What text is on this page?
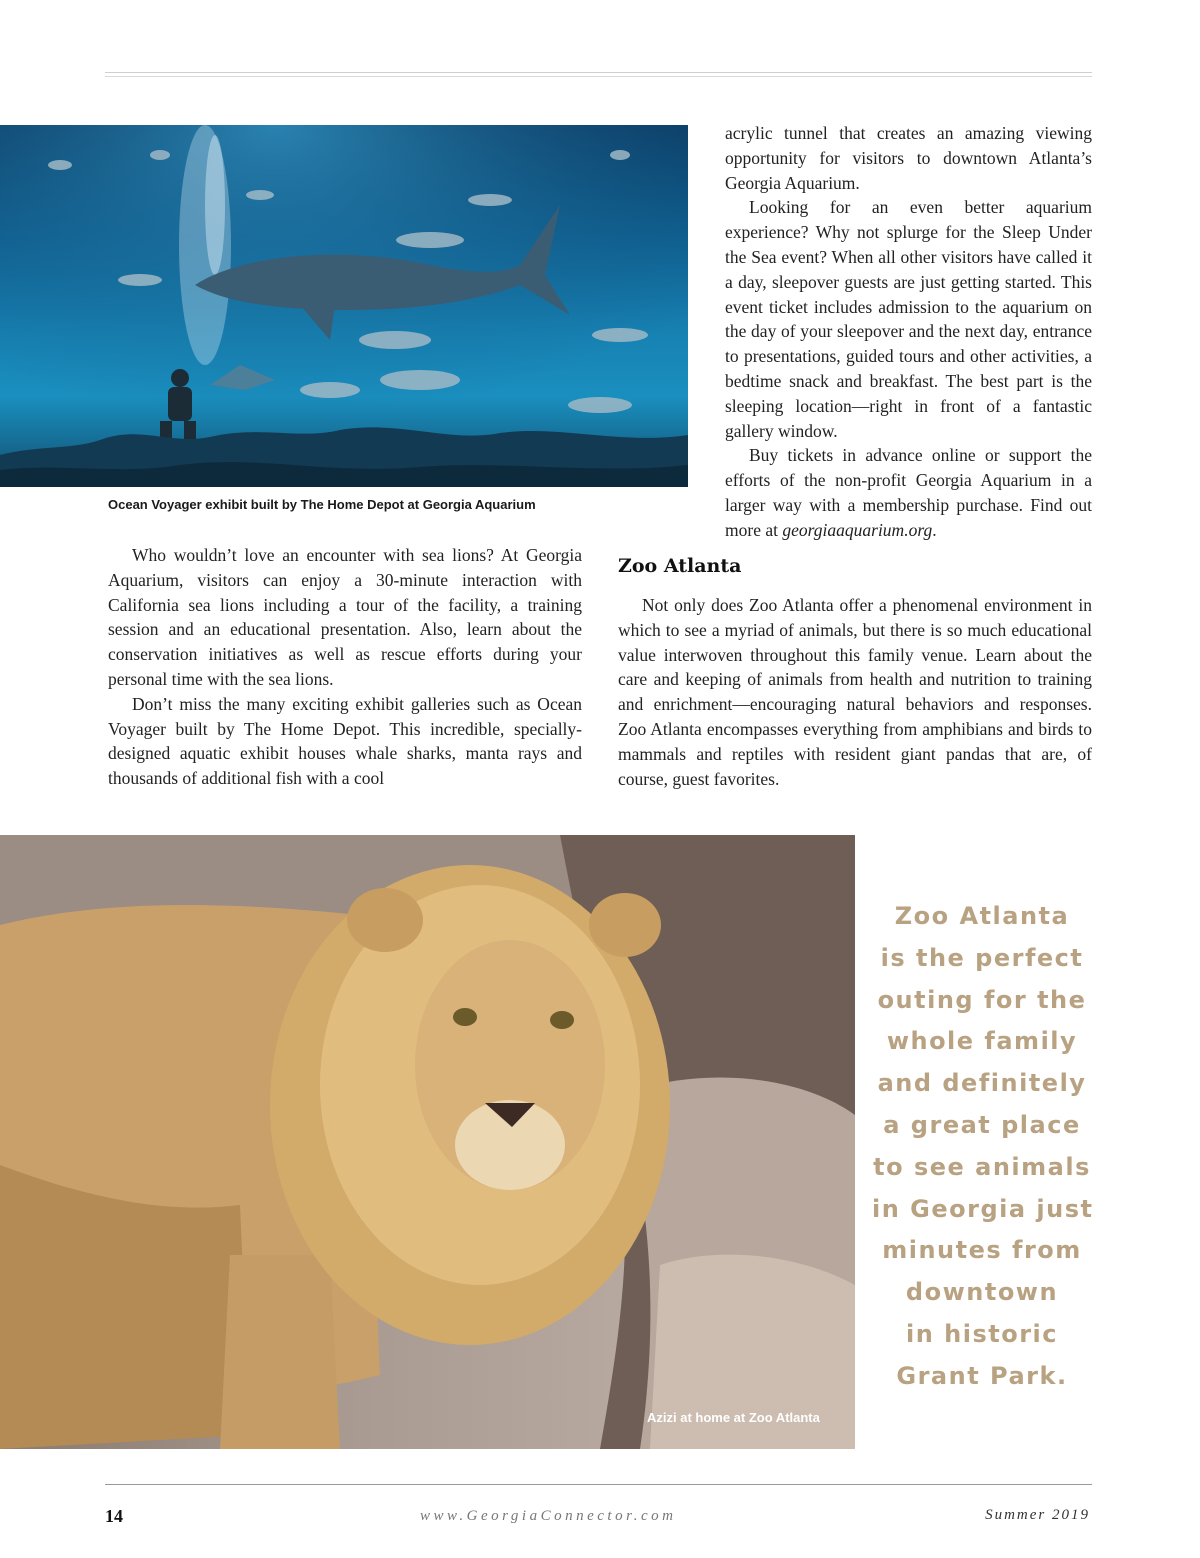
Ocean Voyager exhibit built by The Home Depot at Georgia Aquarium

acrylic tunnel that creates an amazing viewing opportunity for visitors to downtown Atlanta’s Georgia Aquarium.

Looking for an even better aquarium experience? Why not splurge for the Sleep Under the Sea event? When all other visitors have called it a day, sleepover guests are just getting started. This event ticket includes admission to the aquarium on the day of your sleepover and the next day, entrance to presentations, guided tours and other activities, a bedtime snack and breakfast. The best part is the sleeping location—right in front of a fantastic gallery window.

Buy tickets in advance online or support the efforts of the non-profit Georgia Aquarium in a larger way with a membership purchase. Find out more at georgiaaquarium.org.

Who wouldn’t love an encounter with sea lions? At Georgia Aquarium, visitors can enjoy a 30-minute interaction with California sea lions including a tour of the facility, a training session and an educational presentation. Also, learn about the conservation initiatives as well as rescue efforts during your personal time with the sea lions.

Don’t miss the many exciting exhibit galleries such as Ocean Voyager built by The Home Depot. This incredible, specially-designed aquatic exhibit houses whale sharks, manta rays and thousands of additional fish with a cool

Zoo Atlanta

Not only does Zoo Atlanta offer a phenomenal environment in which to see a myriad of animals, but there is so much educational value interwoven throughout this family venue. Learn about the care and keeping of animals from health and nutrition to training and enrichment—encouraging natural behaviors and responses. Zoo Atlanta encompasses everything from amphibians and birds to mammals and reptiles with resident giant pandas that are, of course, guest favorites.

Azizi at home at Zoo Atlanta
Zoo Atlanta
is the perfect
outing for the
whole family
and definitely
a great place
to see animals
in Georgia just
minutes from
downtown
in historic
Grant Park.
14	www.GeorgiaConnector.com	Summer 2019
